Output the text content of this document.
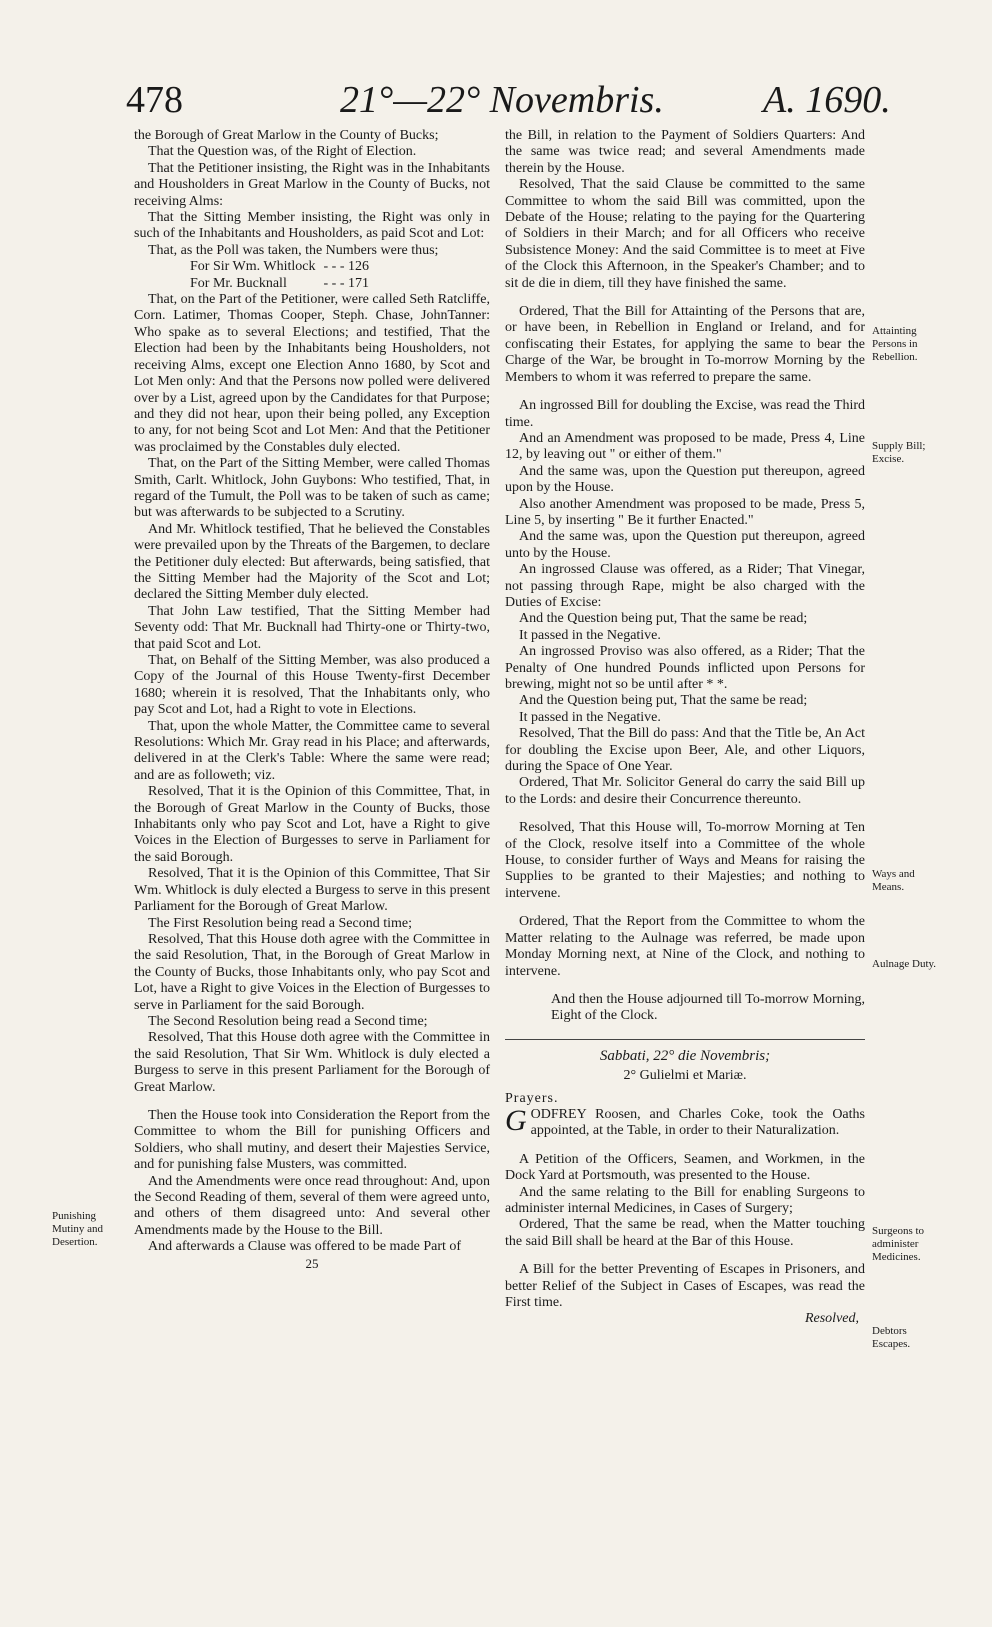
478	21°—22° Novembris.	A. 1690.

the Borough of Great Marlow in the County of Bucks;

That the Question was, of the Right of Election.

That the Petitioner insisting, the Right was in the Inhabitants and Housholders in Great Marlow in the County of Bucks, not receiving Alms:

That the Sitting Member insisting, the Right was only in such of the Inhabitants and Housholders, as paid Scot and Lot:

That, as the Poll was taken, the Numbers were thus;

For Sir Wm. Whitlock - - - 126
For Mr. Bucknall	- - - 171

That, on the Part of the Petitioner, were called Seth Ratcliffe, Corn. Latimer, Thomas Cooper, Steph. Chase, JohnTanner: Who spake as to several Elections; and testified, That the Election had been by the Inhabitants being Housholders, not receiving Alms, except one Election Anno 1680, by Scot and Lot Men only: And that the Persons now polled were delivered over by a List, agreed upon by the Candidates for that Purpose; and they did not hear, upon their being polled, any Exception to any, for not being Scot and Lot Men: And that the Petitioner was proclaimed by the Constables duly elected.

That, on the Part of the Sitting Member, were called Thomas Smith, Carlt. Whitlock, John Guybons: Who testified, That, in regard of the Tumult, the Poll was to be taken of such as came; but was afterwards to be subjected to a Scrutiny.

And Mr. Whitlock testified, That he believed the Constables were prevailed upon by the Threats of the Bargemen, to declare the Petitioner duly elected: But afterwards, being satisfied, that the Sitting Member had the Majority of the Scot and Lot; declared the Sitting Member duly elected.

That John Law testified, That the Sitting Member had Seventy odd: That Mr. Bucknall had Thirty-one or Thirty-two, that paid Scot and Lot.

That, on Behalf of the Sitting Member, was also produced a Copy of the Journal of this House Twenty-first December 1680; wherein it is resolved, That the Inhabitants only, who pay Scot and Lot, had a Right to vote in Elections.

That, upon the whole Matter, the Committee came to several Resolutions: Which Mr. Gray read in his Place; and afterwards, delivered in at the Clerk's Table: Where the same were read; and are as followeth; viz.

Resolved, That it is the Opinion of this Committee, That, in the Borough of Great Marlow in the County of Bucks, those Inhabitants only who pay Scot and Lot, have a Right to give Voices in the Election of Burgesses to serve in Parliament for the said Borough.

Resolved, That it is the Opinion of this Committee, That Sir Wm. Whitlock is duly elected a Burgess to serve in this present Parliament for the Borough of Great Marlow.

The First Resolution being read a Second time;

Resolved, That this House doth agree with the Committee in the said Resolution, That, in the Borough of Great Marlow in the County of Bucks, those Inhabitants only, who pay Scot and Lot, have a Right to give Voices in the Election of Burgesses to serve in Parliament for the said Borough.

The Second Resolution being read a Second time;

Resolved, That this House doth agree with the Committee in the said Resolution, That Sir Wm. Whitlock is duly elected a Burgess to serve in this present Parliament for the Borough of Great Marlow.

Then the House took into Consideration the Report from the Committee to whom the Bill for punishing Officers and Soldiers, who shall mutiny, and desert their Majesties Service, and for punishing false Musters, was committed.

And the Amendments were once read throughout: And, upon the Second Reading of them, several of them were agreed unto, and others of them disagreed unto: And several other Amendments made by the House to the Bill.

And afterwards a Clause was offered to be made Part of

25
Punishing Mutiny and Desertion.

the Bill, in relation to the Payment of Soldiers Quarters: And the same was twice read; and several Amendments made therein by the House.

Resolved, That the said Clause be committed to the same Committee to whom the said Bill was committed, upon the Debate of the House; relating to the paying for the Quartering of Soldiers in their March; and for all Officers who receive Subsistence Money: And the said Committee is to meet at Five of the Clock this Afternoon, in the Speaker's Chamber; and to sit de die in diem, till they have finished the same.

Ordered, That the Bill for Attainting of the Persons that are, or have been, in Rebellion in England or Ireland, and for confiscating their Estates, for applying the same to bear the Charge of the War, be brought in To-morrow Morning by the Members to whom it was referred to prepare the same.

An ingrossed Bill for doubling the Excise, was read the Third time.

And an Amendment was proposed to be made, Press 4, Line 12, by leaving out " or either of them."

And the same was, upon the Question put thereupon, agreed upon by the House.

Also another Amendment was proposed to be made, Press 5, Line 5, by inserting " Be it further Enacted."

And the same was, upon the Question put thereupon, agreed unto by the House.

An ingrossed Clause was offered, as a Rider; That Vinegar, not passing through Rape, might be also charged with the Duties of Excise:

And the Question being put, That the same be read;

It passed in the Negative.

An ingrossed Proviso was also offered, as a Rider; That the Penalty of One hundred Pounds inflicted upon Persons for brewing, might not so be until after * *.

And the Question being put, That the same be read;

It passed in the Negative.

Resolved, That the Bill do pass: And that the Title be, An Act for doubling the Excise upon Beer, Ale, and other Liquors, during the Space of One Year.

Ordered, That Mr. Solicitor General do carry the said Bill up to the Lords: and desire their Concurrence thereunto.

Resolved, That this House will, To-morrow Morning at Ten of the Clock, resolve itself into a Committee of the whole House, to consider further of Ways and Means for raising the Supplies to be granted to their Majesties; and nothing to intervene.

Ordered, That the Report from the Committee to whom the Matter relating to the Aulnage was referred, be made upon Monday Morning next, at Nine of the Clock, and nothing to intervene.

And then the House adjourned till To-morrow Morning, Eight of the Clock.

Sabbati, 22° die Novembris;
2° Gulielmi et Mariæ.

Prayers.

GODFREY Roosen, and Charles Coke, took the Oaths appointed, at the Table, in order to their Naturalization.

A Petition of the Officers, Seamen, and Workmen, in the Dock Yard at Portsmouth, was presented to the House.

And the same relating to the Bill for enabling Surgeons to administer internal Medicines, in Cases of Surgery;

Ordered, That the same be read, when the Matter touching the said Bill shall be heard at the Bar of this House.

A Bill for the better Preventing of Escapes in Prisoners, and better Relief of the Subject in Cases of Escapes, was read the First time.

Resolved,
Attainting Persons in Rebellion.
Supply Bill; Excise.
Ways and Means.
Aulnage Duty.
Surgeons to administer Medicines.
Debtors Escapes.
